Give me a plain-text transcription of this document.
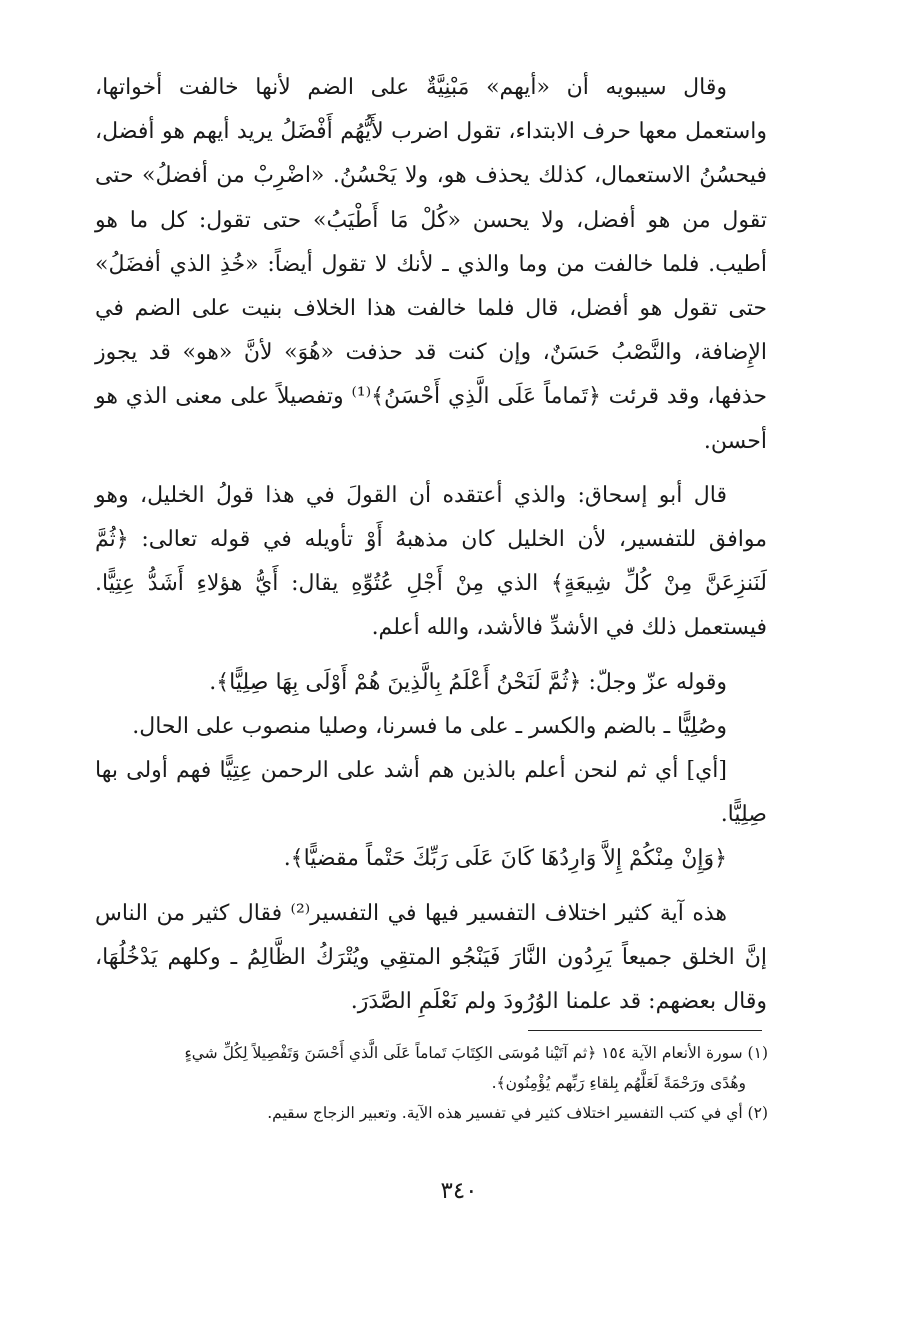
وقال سيبويه أن «أيهم» مَبْنِيَّةٌ على الضم لأنها خالفت أخواتها، واستعمل معها حرف الابتداء، تقول اضرب لأَيُّهُم أَفْضَلُ يريد أيهم هو أفضل، فيحسُنُ الاستعمال، كذلك يحذف هو، ولا يَحْسُنُ. «اضْرِبْ من أفضلُ» حتى تقول من هو أفضل، ولا يحسن «كُلْ مَا أَطْيَبُ» حتى تقول: كل ما هو أطيب. فلما خالفت من وما والذي ـ لأنك لا تقول أيضاً: «خُذِ الذي أفضَلُ» حتى تقول هو أفضل، قال فلما خالفت هذا الخلاف بنيت على الضم في الإِضافة، والنَّصْبُ حَسَنٌ، وإن كنت قد حذفت «هُوَ» لأنَّ «هو» قد يجوز حذفها، وقد قرئت ﴿تَماماً عَلَى الَّذِي أَحْسَنُ﴾⁽¹⁾ وتفصيلاً على معنى الذي هو أحسن.

قال أبو إسحاق: والذي أعتقده أن القولَ في هذا قولُ الخليل، وهو موافق للتفسير، لأن الخليل كان مذهبهُ أَوْ تأويله في قوله تعالى: ﴿ثُمَّ لَنَنزِعَنَّ مِنْ كُلِّ شِيعَةٍ﴾ الذي مِنْ أَجْلِ عُتُوِّهِ يقال: أَيُّ هؤلاءِ أَشَدُّ عِتِيًّا. فيستعمل ذلك في الأشدِّ فالأشد، والله أعلم.

وقوله عزّ وجلّ: ﴿ثُمَّ لَنَحْنُ أَعْلَمُ بِالَّذِينَ هُمْ أَوْلَى بِهَا صِلِيًّا﴾.

وصُلِيًّا ـ بالضم والكسر ـ على ما فسرنا، وصليا منصوب على الحال.

[أي] أي ثم لنحن أعلم بالذين هم أشد على الرحمن عِتِيًّا فهم أولى بها صِلِيًّا.

﴿وَإِنْ مِنْكُمْ إِلاَّ وَارِدُهَا كَانَ عَلَى رَبِّكَ حَتْماً مقضيًّا﴾.

هذه آية كثير اختلاف التفسير فيها في التفسير⁽²⁾ فقال كثير من الناس إنَّ الخلق جميعاً يَرِدُون النَّارَ فَيَنْجُو المتقِي ويُتْرَكُ الظَّالِمُ ـ وكلهم يَدْخُلُهَا، وقال بعضهم: قد علمنا الوُرُودَ ولم نَعْلَمِ الصَّدَرَ.

(١) سورة الأنعام الآية ١٥٤ ﴿ثم آتَيْنا مُوسَى الكِتَابَ تَماماً عَلَى الَّذي أَحْسَنَ وَتَفْصِيلاً لِكُلِّ شيءٍ
وهُدًى ورَحْمَةً لَعَلَّهُم بِلقاءِ رَبِّهم يُؤْمِنُون﴾.

(٢) أي في كتب التفسير اختلاف كثير في تفسير هذه الآية. وتعبير الزجاج سقيم.

٣٤٠
